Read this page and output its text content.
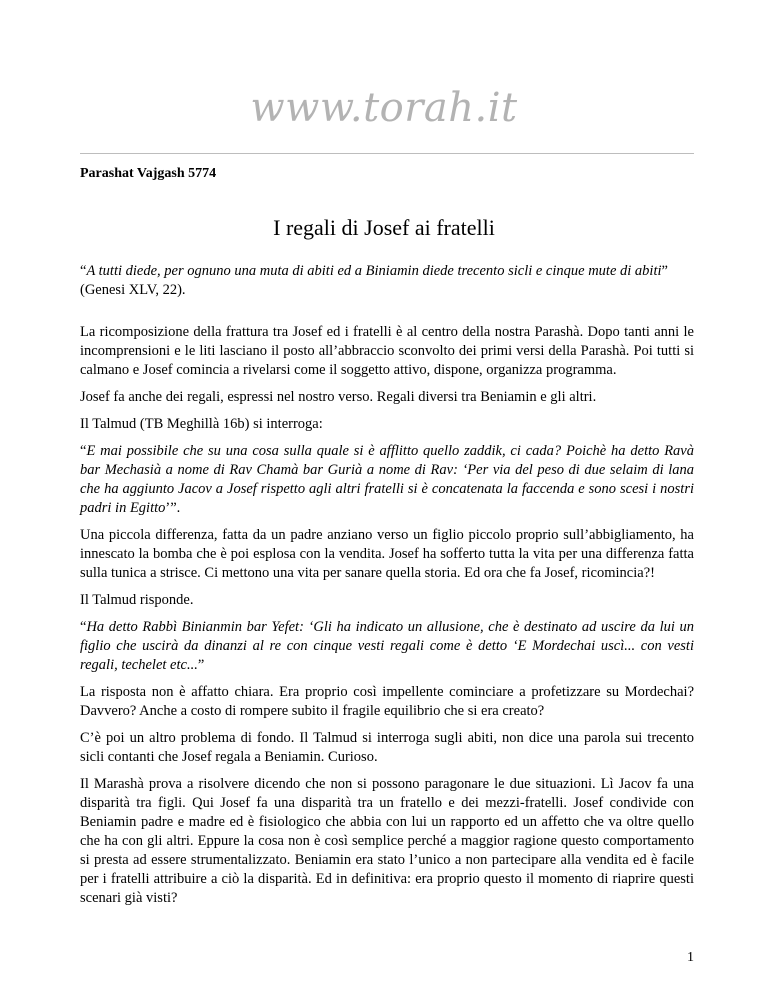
www.torah.it
Parashat Vajgash 5774
I regali di Josef ai fratelli

“A tutti diede, per ognuno una muta di abiti ed a Biniamin diede trecento sicli e cinque mute di abiti” (Genesi XLV, 22).

La ricomposizione della frattura tra Josef ed i fratelli è al centro della nostra Parashà. Dopo tanti anni le incomprensioni e le liti lasciano il posto all’abbraccio sconvolto dei primi versi della Parashà. Poi tutti si calmano e Josef comincia a rivelarsi come il soggetto attivo, dispone, organizza programma.

Josef fa anche dei regali, espressi nel nostro verso. Regali diversi tra Beniamin e gli altri.

Il Talmud (TB Meghillà 16b) si interroga:

“E mai possibile che su una cosa sulla quale si è afflitto quello zaddik, ci cada? Poichè ha detto Ravà bar Mechasià a nome di Rav Chamà bar Gurià a nome di Rav: ‘Per via del peso di due selaim di lana che ha aggiunto Jacov a Josef rispetto agli altri fratelli si è concatenata la faccenda e sono scesi i nostri padri in Egitto’”.

Una piccola differenza, fatta da un padre anziano verso un figlio piccolo proprio sull’abbigliamento, ha innescato la bomba che è poi esplosa con la vendita. Josef ha sofferto tutta la vita per una differenza fatta sulla tunica a strisce. Ci mettono una vita per sanare quella storia. Ed ora che fa Josef, ricomincia?!

Il Talmud risponde.

“Ha detto Rabbì Binianmin bar Yefet: ‘Gli ha indicato un allusione, che è destinato ad uscire da lui un figlio che uscirà da dinanzi al re con cinque vesti regali come è detto ‘E Mordechai uscì... con vesti regali, techelet etc...”

La risposta non è affatto chiara. Era proprio così impellente cominciare a profetizzare su Mordechai? Davvero? Anche a costo di rompere subito il fragile equilibrio che si era creato?

C’è poi un altro problema di fondo. Il Talmud si interroga sugli abiti, non dice una parola sui trecento sicli contanti che Josef regala a Beniamin. Curioso.

Il Marashà prova a risolvere dicendo che non si possono paragonare le due situazioni. Lì Jacov fa una disparità tra figli. Qui Josef fa una disparità tra un fratello e dei mezzi-fratelli. Josef condivide con Beniamin padre e madre ed è fisiologico che abbia con lui un rapporto ed un affetto che va oltre quello che ha con gli altri. Eppure la cosa non è così semplice perché a maggior ragione questo comportamento si presta ad essere strumentalizzato. Beniamin era stato l’unico a non partecipare alla vendita ed è facile per i fratelli attribuire a ciò la disparità. Ed in definitiva: era proprio questo il momento di riaprire questi scenari già visti?

1
